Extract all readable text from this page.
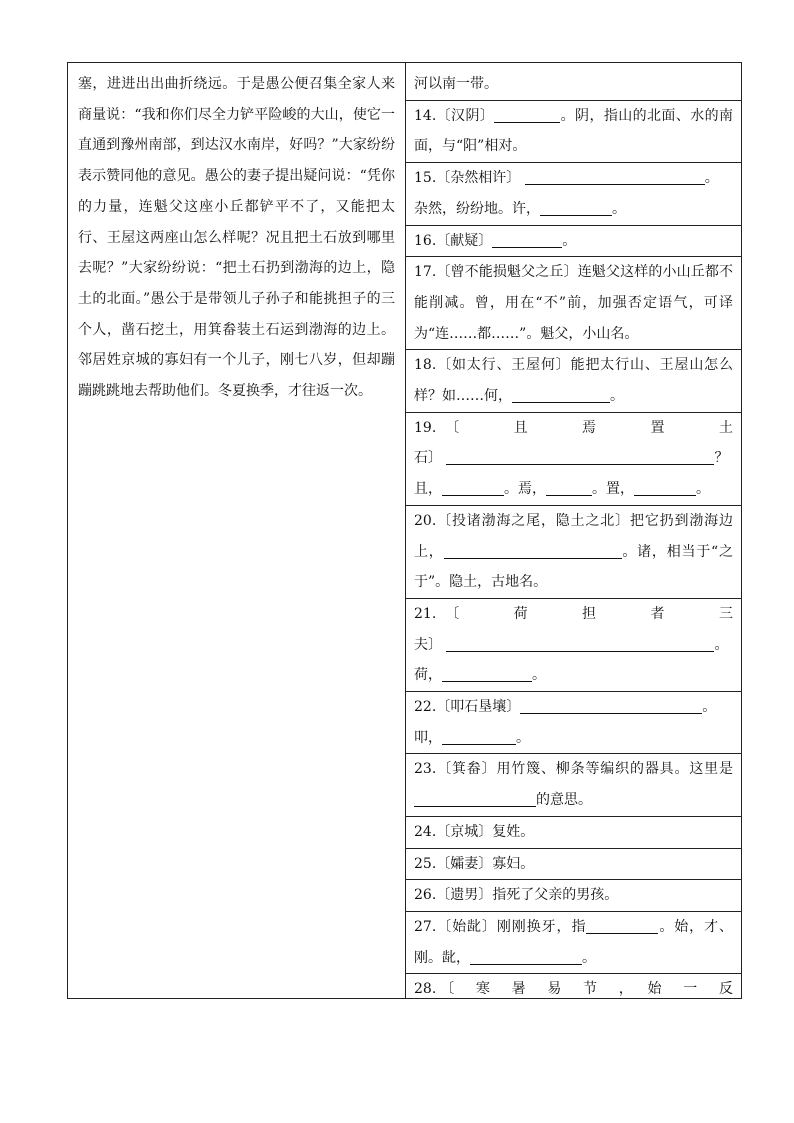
塞，进进出出曲折绕远。于是愚公便召集全家人来商量说：“我和你们尽全力铲平险峻的大山，使它一直通到豫州南部，到达汉水南岸，好吗？”大家纷纷表示赞同他的意见。愚公的妻子提出疑问说：“凭你的力量，连魁父这座小丘都铲平不了，又能把太行、王屋这两座山怎么样呢？况且把土石放到哪里去呢？”大家纷纷说：“把土石扔到渤海的边上，隐土的北面。”愚公于是带领儿子孙子和能挑担子的三个人，凿石挖土，用箕畚装土石运到渤海的边上。邻居姓京城的寡妇有一个儿子，刚七八岁，但却蹦蹦跳跳地去帮助他们。冬夏换季，才往返一次。

河以南一带。

14.〔汉阴〕	。阴，指山的北面、水的南面，与“阳”相对。

15.〔杂然相许〕	。
杂然，纷纷地。许，	。

16.〔献疑〕	。

17.〔曾不能损魁父之丘〕连魁父这样的小山丘都不能削减。曾，用在“不”前，加强否定语气，可译为“连……都……”。魁父，小山名。

18.〔如太行、王屋何〕能把太行山、王屋山怎么样？如……何，	。

19.〔　　且　　焉　　置　　土
石〕	？
且，	。焉，	。置，	。

20.〔投诸渤海之尾，隐土之北〕把它扔到渤海边上，	。诸，相当于“之于”。隐土，古地名。

21.〔　　荷　　担　　者　　三
夫〕	。
荷，	。

22.〔叩石垦壤〕	。
叩，	。

23.〔箕畚〕用竹篾、柳条等编织的器具。这里是的意思。

24.〔京城〕复姓。

25.〔孀妻〕寡妇。

26.〔遗男〕指死了父亲的男孩。

27.〔始龀〕刚刚换牙，指	。始，才、刚。龀，	。

28.〔　寒　暑　易　节　，　始　一　反
